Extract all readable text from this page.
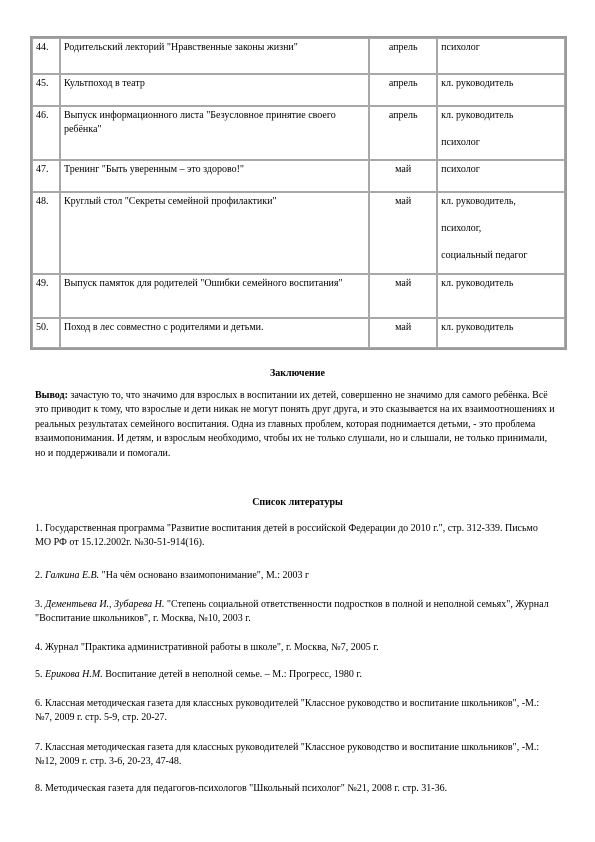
44.	Родительский лекторий "Нравственные законы жизни"	апрель	психолог

45.	Культпоход в театр	апрель	кл. руководитель

46.	Выпуск информационного листа "Безусловное принятие своего ребёнка"	апрель	кл. руководитель
психолог

47.	Тренинг "Быть уверенным – это здорово!"	май	психолог

48.	Круглый стол "Секреты семейной профилактики"	май	кл. руководитель,
психолог,
социальный педагог

49.	Выпуск памяток для родителей "Ошибки семейного воспитания"	май	кл. руководитель

50.	Поход в лес совместно с родителями и детьми.	май	кл. руководитель
Заключение
Вывод: зачастую то, что значимо для взрослых в воспитании их детей, совершенно не значимо для самого ребёнка. Всё это приводит к тому, что взрослые и дети никак не могут понять друг друга, и это сказывается на их взаимоотношениях и реальных результатах семейного воспитания. Одна из главных проблем, которая поднимается детьми, - это проблема взаимопонимания. И детям, и взрослым необходимо, чтобы их не только слушали, но и слышали, не только принимали, но и поддерживали и помогали.
Список литературы
1. Государственная программа "Развитие воспитания детей в российской Федерации до 2010 г.", стр. 312-339. Письмо МО РФ от 15.12.2002г. №30-51-914(16).
2. Галкина Е.В. "На чём основано взаимопонимание", М.: 2003 г
3. Дементьева И., Зубарева Н. "Степень социальной ответственности подростков в полной и неполной семьях", Журнал "Воспитание школьников", г. Москва, №10, 2003 г.
4. Журнал "Практика административной работы в школе", г. Москва, №7, 2005 г.
5. Ерикова Н.М. Воспитание детей в неполной семье. – М.: Прогресс, 1980 г.
6. Классная методическая газета для классных руководителей "Классное руководство и воспитание школьников", -М.: №7, 2009 г. стр. 5-9, стр. 20-27.
7. Классная методическая газета для классных руководителей "Классное руководство и воспитание школьников", -М.: №12, 2009 г. стр. 3-6, 20-23, 47-48.
8. Методическая газета для педагогов-психологов "Школьный психолог" №21, 2008 г. стр. 31-36.
